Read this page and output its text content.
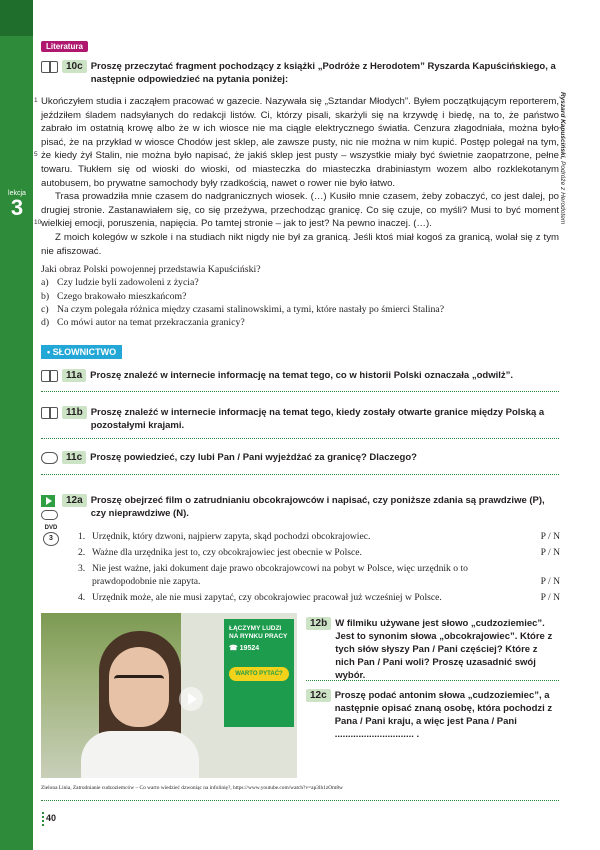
lekcja
3
Literatura
10c Proszę przeczytać fragment pochodzący z książki „Podróże z Herodotem” Ryszarda Kapuścińskiego, a następnie odpowiedzieć na pytania poniżej:
1
5
10

Ukończyłem studia i zacząłem pracować w gazecie. Nazywała się „Sztandar Młodych”. Byłem początkującym reporterem, jeździłem śladem nadsyłanych do redakcji listów. Ci, którzy pisali, skarżyli się na krzywdę i biedę, na to, że państwo zabrało im ostatnią krowę albo że w ich wiosce nie ma ciągle elektrycznego światła. Cenzura złagodniała, można było pisać, że na przykład w wiosce Chodów jest sklep, ale zawsze pusty, nic nie można w nim kupić. Postęp polegał na tym, że kiedy żył Stalin, nie można było napisać, że jakiś sklep jest pusty – wszystkie miały być świetnie zaopatrzone, pełne towaru. Tłukłem się od wioski do wioski, od miasteczka do miasteczka drabiniastym wozem albo rozklekotanym autobusem, bo prywatne samochody były rzadkością, nawet o rower nie było łatwo.

Trasa prowadziła mnie czasem do nadgranicznych wiosek. (…) Kusiło mnie czasem, żeby zobaczyć, co jest dalej, po drugiej stronie. Zastanawiałem się, co się przeżywa, przechodząc granicę. Co się czuje, co myśli? Musi to być moment wielkiej emocji, poruszenia, napięcia. Po tamtej stronie – jak to jest? Na pewno inaczej. (…).

Z moich kolegów w szkole i na studiach nikt nigdy nie był za granicą. Jeśli ktoś miał kogoś za granicą, wolał się z tym nie afiszować.

Ryszard Kapuściński, Podróże z Herodotem
Jaki obraz Polski powojennej przedstawia Kapuściński?
a) Czy ludzie byli zadowoleni z życia?
b) Czego brakowało mieszkańcom?
c) Na czym polegała różnica między czasami stalinowskimi, a tymi, które nastały po śmierci Stalina?
d) Co mówi autor na temat przekraczania granicy?
• SŁOWNICTWO
11a Proszę znaleźć w internecie informację na temat tego, co w historii Polski oznaczała „odwilż”.
11b Proszę znaleźć w internecie informację na temat tego, kiedy zostały otwarte granice między Polską a pozostałymi krajami.
11c Proszę powiedzieć, czy lubi Pan / Pani wyjeżdżać za granicę? Dlaczego?
12a Proszę obejrzeć film o zatrudnianiu obcokrajowców i napisać, czy poniższe zdania są prawdziwe (P), czy nieprawdziwe (N).
DVD
3	1. Urzędnik, który dzwoni, najpierw zapyta, skąd pochodzi obcokrajowiec.	P / N
2. Ważne dla urzędnika jest to, czy obcokrajowiec jest obecnie w Polsce.	P / N
3. Nie jest ważne, jaki dokument daje prawo obcokrajowcowi na pobyt w Polsce, więc urzędnik o to prawdopodobnie nie zapyta.	P / N
4. Urzędnik może, ale nie musi zapytać, czy obcokrajowiec pracował już wcześniej w Polsce.	P / N
ŁĄCZYMY LUDZI
NA RYNKU PRACY
☎ 19524
WARTO PYTAĆ?
Zielona Linia, Zatrudnianie cudzoziemców – Co warto wiedzieć dzwoniąc na infolinię?, https://www.youtube.com/watch?v=ap3lh1zOm8w
12b W filmiku używane jest słowo „cudzoziemiec”. Jest to synonim słowa „obcokrajowiec”. Które z tych słów słyszy Pan / Pani częściej? Które z nich Pan / Pani woli? Proszę uzasadnić swój wybór.
12c Proszę podać antonim słowa „cudzoziemiec”, a następnie opisać znaną osobę, która pochodzi z Pana / Pani kraju, a więc jest Pana / Pani .............................. .
40
